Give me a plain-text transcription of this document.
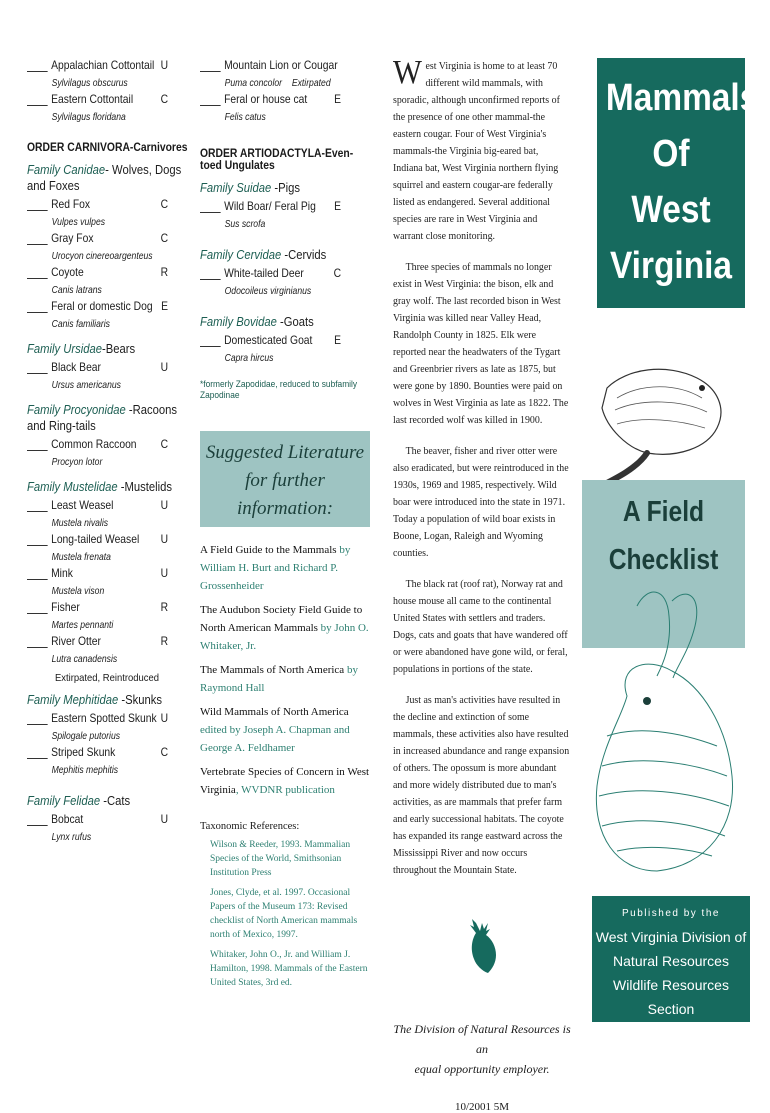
Appalachian Cottontail U
Sylvilagus obscurus
Eastern Cottontail C
Sylvilagus floridana
ORDER CARNIVORA-Carnivores
Family Canidae- Wolves, Dogs and Foxes
Red Fox	C
Vulpes vulpes
Gray Fox	C
Urocyon cinereoargenteus
Coyote	R
Canis latrans
Feral or domestic Dog E
Canis familiaris
Family Ursidae-Bears
Black Bear	U
Ursus americanus
Family Procyonidae -Racoons and Ring-tails
Common Raccoon C
Procyon lotor
Family Mustelidae -Mustelids
Least Weasel	U
Mustela nivalis
Long-tailed Weasel U
Mustela frenata
Mink	U
Mustela vison
Fisher	R
Martes pennanti
River Otter	R
Lutra canadensis
Extirpated, Reintroduced
Family Mephitidae -Skunks
Eastern Spotted Skunk U
Spilogale putorius
Striped Skunk	C
Mephitis mephitis
Family Felidae -Cats
Bobcat	U
Lynx rufus
Mountain Lion or Cougar
Puma concolor Extirpated
Feral or house cat E
Felis catus
ORDER ARTIODACTYLA-Even-toed Ungulates
Family Suidae -Pigs
Wild Boar/ Feral Pig E
Sus scrofa
Family Cervidae -Cervids
White-tailed Deer C
Odocoileus virginianus
Family Bovidae -Goats
Domesticated Goat E
Capra hircus
*formerly Zapodidae, reduced to subfamily Zapodinae
Suggested Literature
for further information:
A Field Guide to the Mammals by William H. Burt and Richard P. Grossenheider
The Audubon Society Field Guide to North American Mammals by John O. Whitaker, Jr.
The Mammals of North America by Raymond Hall
Wild Mammals of North America edited by Joseph A. Chapman and George A. Feldhamer
Vertebrate Species of Concern in West Virginia, WVDNR publication
Taxonomic References:
Wilson & Reeder, 1993. Mammalian Species of the World, Smithsonian Institution Press
Jones, Clyde, et al. 1997. Occasional Papers of the Museum 173: Revised checklist of North American mammals north of Mexico, 1997.
Whitaker, John O., Jr. and William J. Hamilton, 1998. Mammals of the Eastern United States, 3rd ed.
West Virginia is home to at least 70 different wild mammals, with sporadic, although unconfirmed reports of the presence of one other mammal-the eastern cougar. Four of West Virginia's mammals-the Virginia big-eared bat, Indiana bat, West Virginia northern flying squirrel and eastern cougar-are federally listed as endangered. Several additional species are rare in West Virginia and warrant close monitoring.
Three species of mammals no longer exist in West Virginia: the bison, elk and gray wolf. The last recorded bison in West Virginia was killed near Valley Head, Randolph County in 1825. Elk were reported near the headwaters of the Tygart and Greenbrier rivers as late as 1875, but were gone by 1890. Bounties were paid on wolves in West Virginia as late as 1822. The last recorded wolf was killed in 1900.
The beaver, fisher and river otter were also eradicated, but were reintroduced in the 1930s, 1969 and 1985, respectively. Wild boar were introduced into the state in 1971. Today a population of wild boar exists in Boone, Logan, Raleigh and Wyoming counties.
The black rat (roof rat), Norway rat and house mouse all came to the continental United States with settlers and traders. Dogs, cats and goats that have wandered off or were abandoned have gone wild, or feral, populations in portions of the state.
Just as man's activities have resulted in the decline and extinction of some mammals, these activities also have resulted in increased abundance and range expansion of others. The opossum is more abundant and more widely distributed due to man's activities, as are mammals that prefer farm and early successional habitats. The coyote has expanded its range eastward across the Mississippi River and now occurs throughout the Mountain State.
The Division of Natural Resources is an
equal opportunity employer.
10/2001 5M
Mammals
Of
West
Virginia
A Field
Checklist
Published by the
West Virginia Division of
Natural Resources
Wildlife Resources Section
